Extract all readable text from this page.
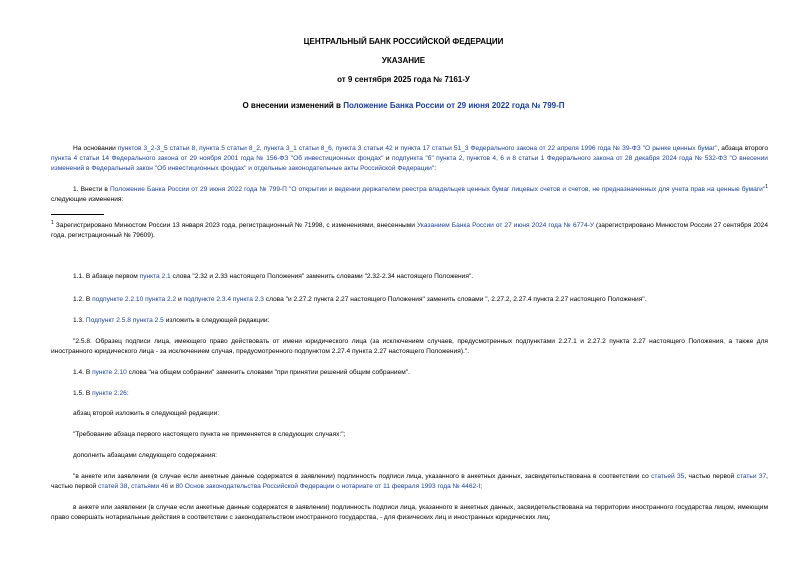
ЦЕНТРАЛЬНЫЙ БАНК РОССИЙСКОЙ ФЕДЕРАЦИИ
УКАЗАНИЕ
от 9 сентября 2025 года № 7161-У
О внесении изменений в Положение Банка России от 29 июня 2022 года № 799-П
На основании пунктов 3_2-3_5 статьи 8, пункта 5 статьи 8_2, пункта 3_1 статьи 8_6, пункта 3 статьи 42 и пункта 17 статьи 51_3 Федерального закона от 22 апреля 1996 года № 39-ФЗ "О рынке ценных бумаг", абзаца второго пункта 4 статьи 14 Федерального закона от 29 ноября 2001 года № 156-ФЗ "Об инвестиционных фондах" и подпункта "б" пункта 2, пунктов 4, 6 и 8 статьи 1 Федерального закона от 28 декабря 2024 года № 532-ФЗ "О внесении изменений в Федеральный закон "Об инвестиционных фондах" и отдельные законодательные акты Российской Федерации":
1. Внести в Положение Банка России от 29 июня 2022 года № 799-П "О открытии и ведении держателем реестра владельцев ценных бумаг лицевых счетов и счетов, не предназначенных для учета прав на ценные бумаги"$^1$ следующие изменения:
$^1$ Зарегистрировано Минюстом России 13 января 2023 года, регистрационный № 71998, с изменениями, внесенными Указанием Банка России от 27 июня 2024 года № 6774-У (зарегистрировано Минюстом России 27 сентября 2024 года, регистрационный № 79609).
1.1. В абзаце первом пункта 2.1 слова "2.32 и 2.33 настоящего Положения" заменить словами "2.32-2.34 настоящего Положения".
1.2. В подпункте 2.2.10 пункта 2.2 и подпункте 2.3.4 пункта 2.3 слова "и 2.27.2 пункта 2.27 настоящего Положения" заменить словами ", 2.27.2, 2.27.4 пункта 2.27 настоящего Положения".
1.3. Подпункт 2.5.8 пункта 2.5 изложить в следующей редакции:
"2.5.8. Образец подписи лица, имеющего право действовать от имени юридического лица (за исключением случаев, предусмотренных подпунктами 2.27.1 и 2.27.2 пункта 2.27 настоящего Положения, а также для иностранного юридического лица - за исключением случая, предусмотренного подпунктом 2.27.4 пункта 2.27 настоящего Положения).".
1.4. В пункте 2.10 слова "на общем собрании" заменить словами "при принятии решений общим собранием".
1.5. В пункте 2.26:
абзац второй изложить в следующей редакции:
"Требование абзаца первого настоящего пункта не применяется в следующих случаях:";
дополнить абзацами следующего содержания:
"в анкете или заявлении (в случае если анкетные данные содержатся в заявлении) подлинность подписи лица, указанного в анкетных данных, засвидетельствована в соответствии со статьей 35, частью первой статьи 37, частью первой статей 38, статьями 46 и 80 Основ законодательства Российской Федерации о нотариате от 11 февраля 1993 года № 4462-I;
в анкете или заявлении (в случае если анкетные данные содержатся в заявлении) подлинность подписи лица, указанного в анкетных данных, засвидетельствована на территории иностранного государства лицом, имеющим право совершать нотариальные действия в соответствии с законодательством иностранного государства, - для физических лиц и иностранных юридических лиц;
